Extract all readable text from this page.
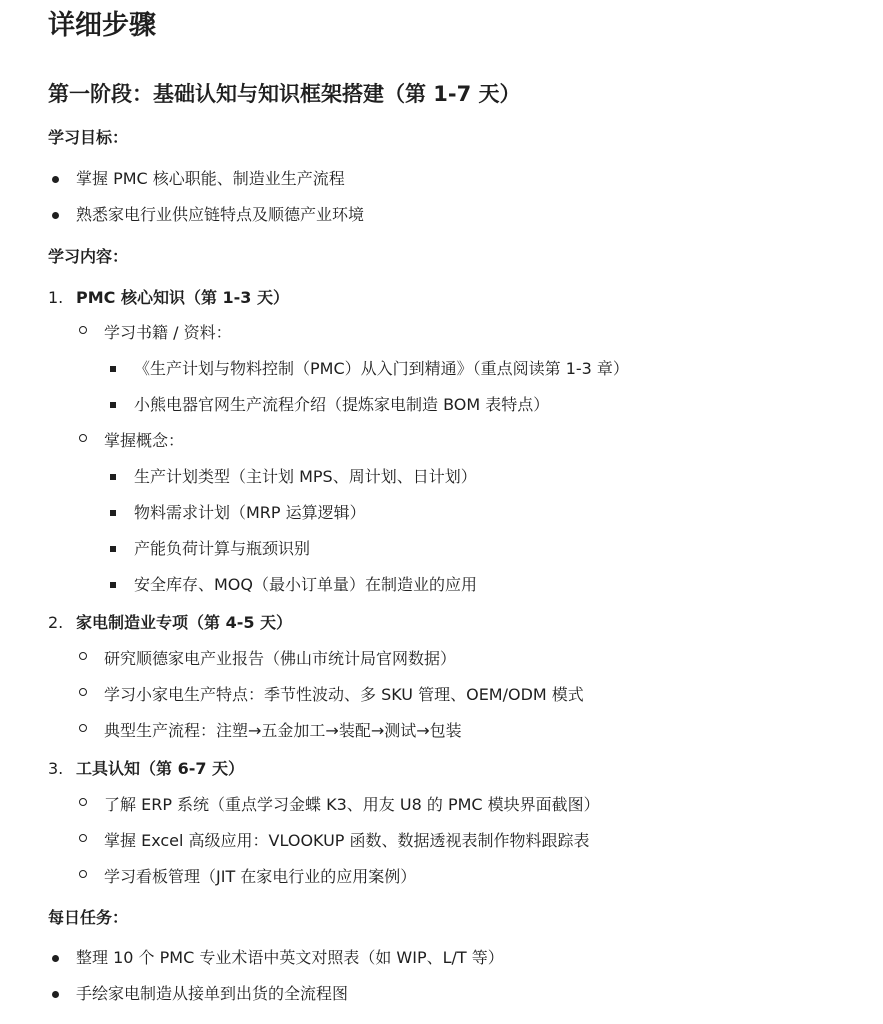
详细步骤
第一阶段：基础认知与知识框架搭建（第 1-7 天）
学习目标：
掌握 PMC 核心职能、制造业生产流程
熟悉家电行业供应链特点及顺德产业环境
学习内容：
1. PMC 核心知识（第 1-3 天）
学习书籍 / 资料：
《生产计划与物料控制（PMC）从入门到精通》（重点阅读第 1-3 章）
小熊电器官网生产流程介绍（提炼家电制造 BOM 表特点）
掌握概念：
生产计划类型（主计划 MPS、周计划、日计划）
物料需求计划（MRP 运算逻辑）
产能负荷计算与瓶颈识别
安全库存、MOQ（最小订单量）在制造业的应用
2. 家电制造业专项（第 4-5 天）
研究顺德家电产业报告（佛山市统计局官网数据）
学习小家电生产特点：季节性波动、多 SKU 管理、OEM/ODM 模式
典型生产流程：注塑→五金加工→装配→测试→包装
3. 工具认知（第 6-7 天）
了解 ERP 系统（重点学习金蝶 K3、用友 U8 的 PMC 模块界面截图）
掌握 Excel 高级应用：VLOOKUP 函数、数据透视表制作物料跟踪表
学习看板管理（JIT 在家电行业的应用案例）
每日任务：
整理 10 个 PMC 专业术语中英文对照表（如 WIP、L/T 等）
手绘家电制造从接单到出货的全流程图
